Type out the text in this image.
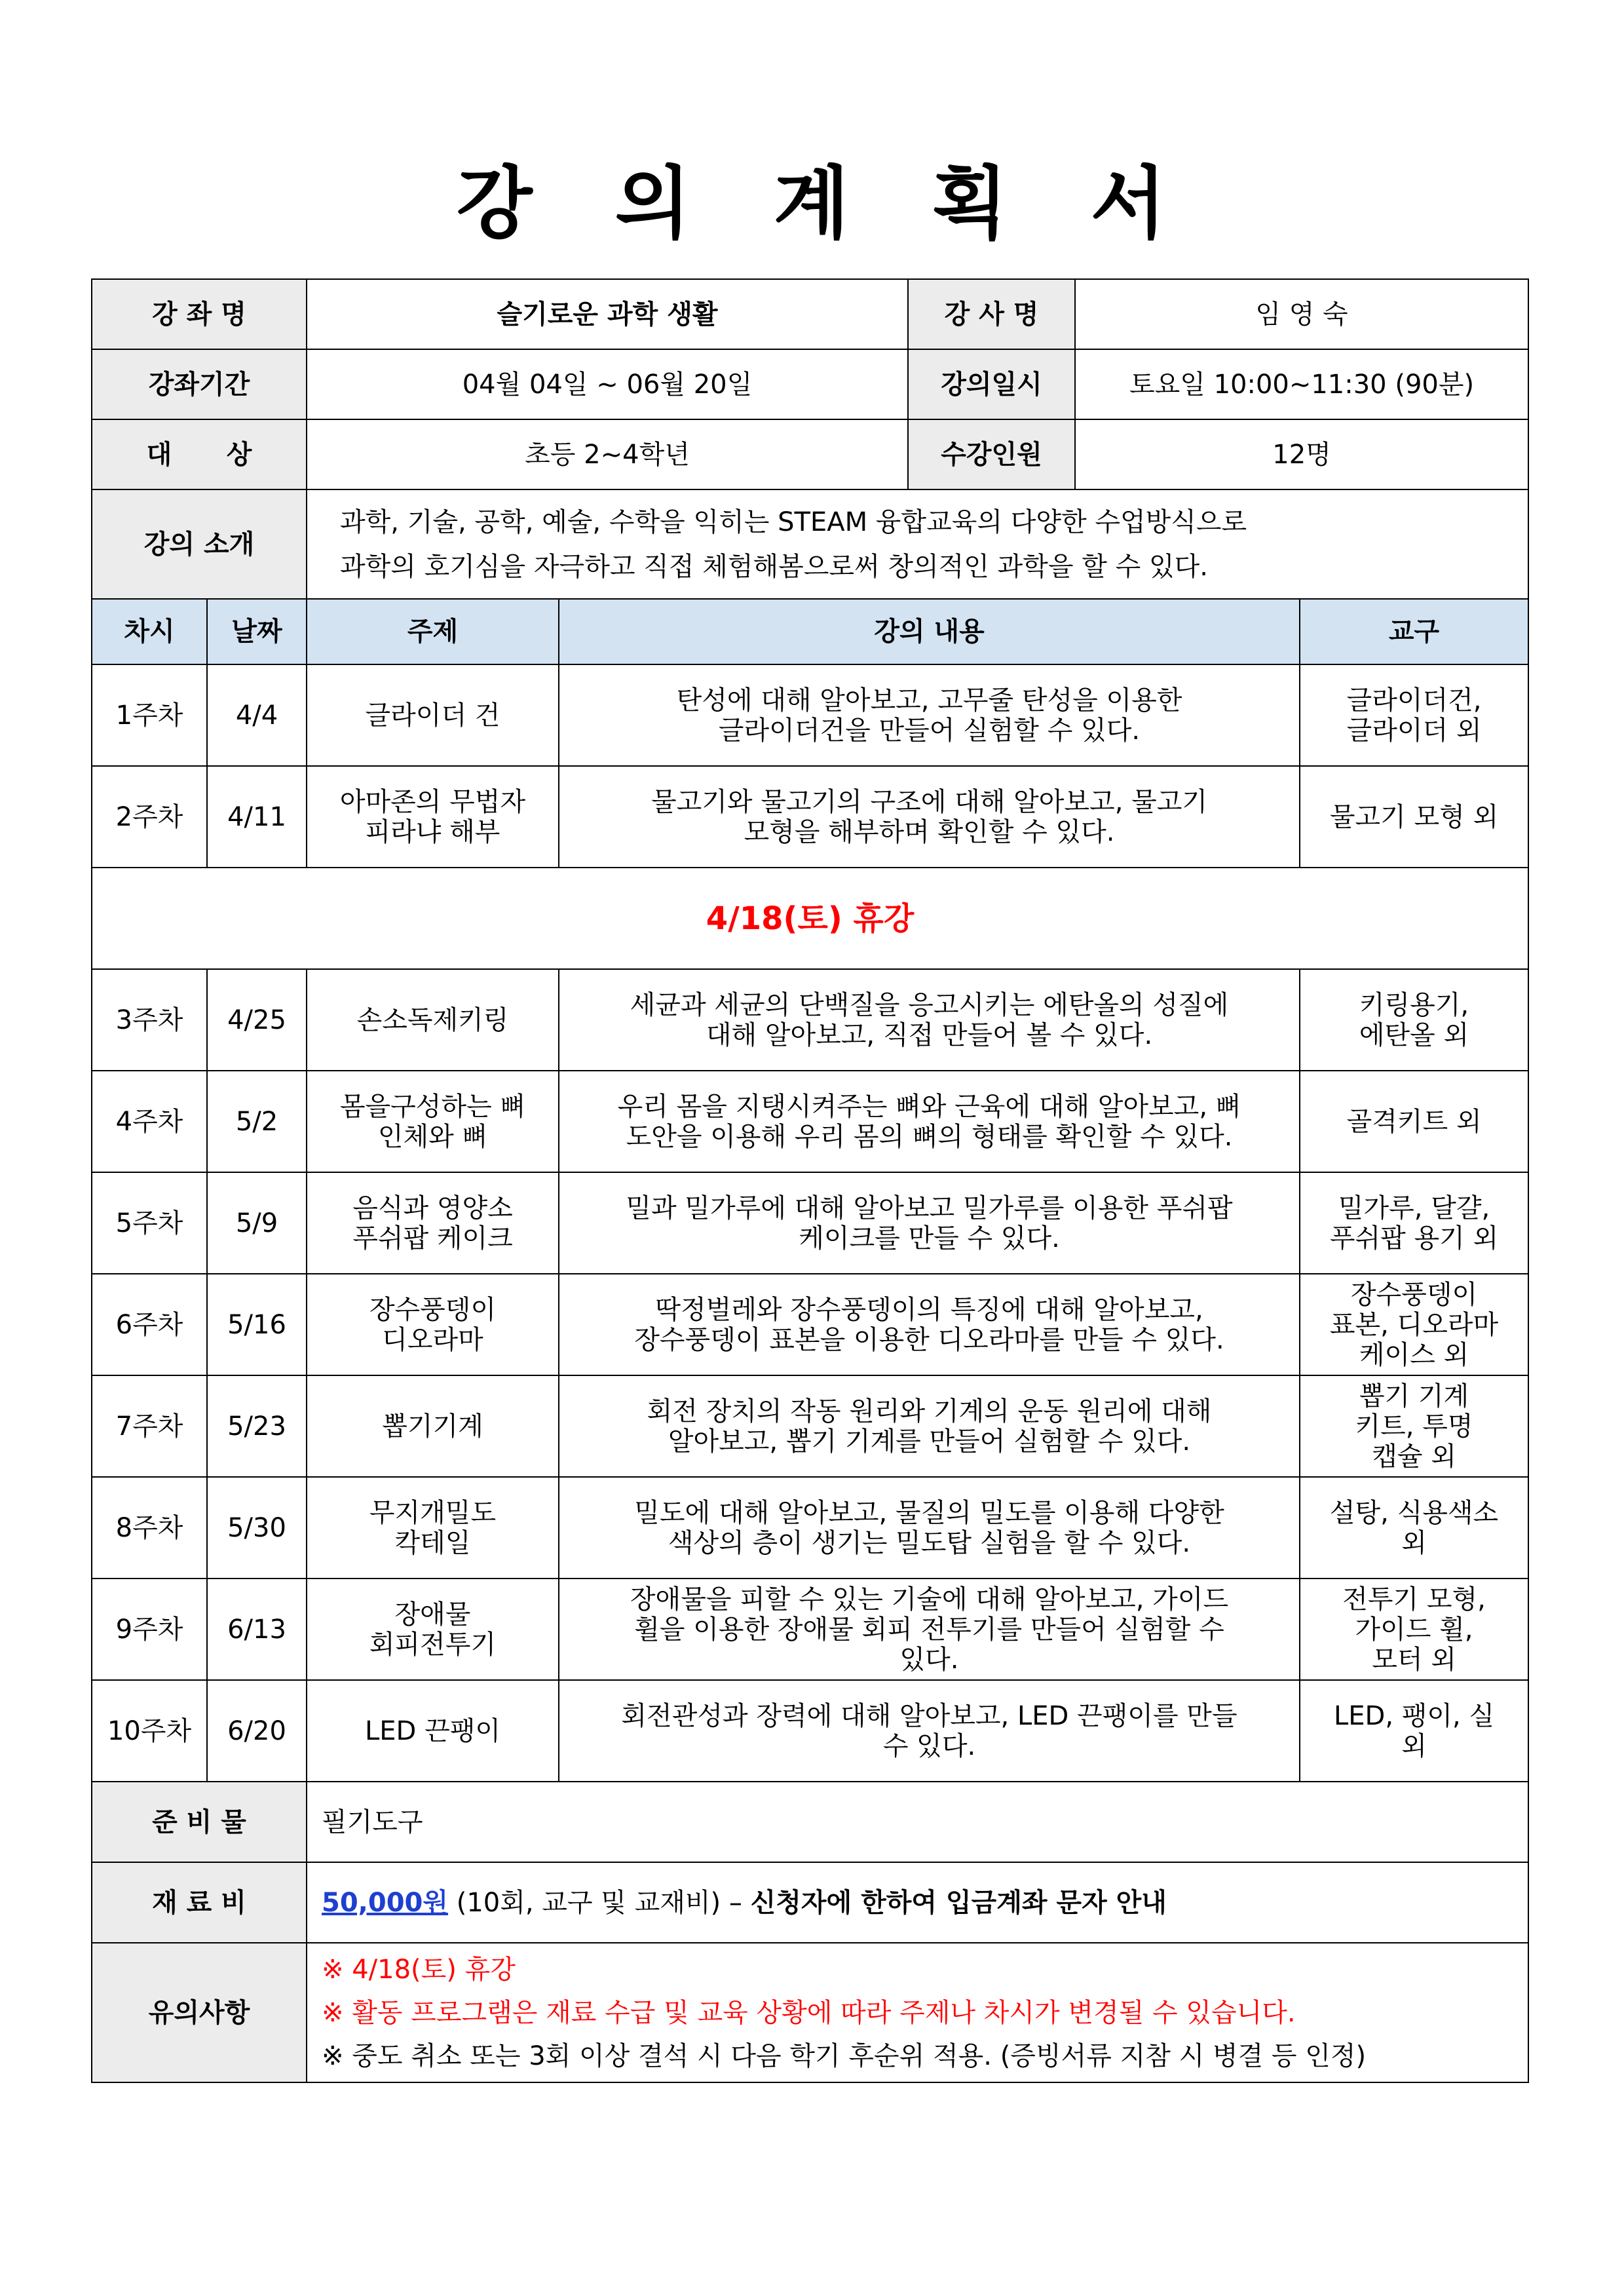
강 의 계 획 서
강 좌 명		슬기로운 과학 생활		강 사 명	임 영 숙	
강좌기간		04월 04일 ~ 06월 20일		강의일시	토요일 10:00~11:30 (90분)	
대      상		초등 2~4학년		수강인원	12명	
강의 소개		과학, 기술, 공학, 예술, 수학을 익히는 STEAM 융합교육의 다양한 수업방식으로
과학의 호기심을 자극하고 직접 체험해봄으로써 창의적인 과학을 할 수 있다.				

차시	날짜	주제	강의 내용			교구
1주차	4/4	글라이더 건	탄성에 대해 알아보고, 고무줄 탄성을 이용한
글라이더건을 만들어 실험할 수 있다.			글라이더건,
글라이더 외

2주차	4/11	아마존의 무법자
피라냐 해부	물고기와 물고기의 구조에 대해 알아보고, 물고기
모형을 해부하며 확인할 수 있다.			물고기 모형 외

4/18(토) 휴강						
3주차	4/25	손소독제키링	세균과 세균의 단백질을 응고시키는 에탄올의 성질에
대해 알아보고, 직접 만들어 볼 수 있다.			키링용기,
에탄올 외

4주차	5/2	몸을구성하는 뼈
인체와 뼈	우리 몸을 지탱시켜주는 뼈와 근육에 대해 알아보고, 뼈
도안을 이용해 우리 몸의 뼈의 형태를 확인할 수 있다.			골격키트 외

5주차	5/9	음식과 영양소
푸쉬팝 케이크	밀과 밀가루에 대해 알아보고 밀가루를 이용한 푸쉬팝
케이크를 만들 수 있다.			밀가루, 달걀,
푸쉬팝 용기 외

6주차	5/16	장수풍뎅이
디오라마	딱정벌레와 장수풍뎅이의 특징에 대해 알아보고,
장수풍뎅이 표본을 이용한 디오라마를 만들 수 있다.			장수풍뎅이
표본, 디오라마
케이스 외

7주차	5/23	뽑기기계	회전 장치의 작동 원리와 기계의 운동 원리에 대해
알아보고, 뽑기 기계를 만들어 실험할 수 있다.			뽑기 기계
키트, 투명
캡슐 외

8주차	5/30	무지개밀도
칵테일	밀도에 대해 알아보고, 물질의 밀도를 이용해 다양한
색상의 층이 생기는 밀도탑 실험을 할 수 있다.			설탕, 식용색소
외

9주차	6/13	장애물
회피전투기	장애물을 피할 수 있는 기술에 대해 알아보고, 가이드
휠을 이용한 장애물 회피 전투기를 만들어 실험할 수
있다.			전투기 모형,
가이드 휠,
모터 외

10주차	6/20	LED 끈팽이	회전관성과 장력에 대해 알아보고, LED 끈팽이를 만들
수 있다.			LED, 팽이, 실
외

준 비 물		필기도구				
재 료 비		50,000원 (10회, 교구 및 교재비) – 신청자에 한하여 입금계좌 문자 안내				
유의사항		※ 4/18(토) 휴강
※ 활동 프로그램은 재료 수급 및 교육 상황에 따라 주제나 차시가 변경될 수 있습니다.
※ 중도 취소 또는 3회 이상 결석 시 다음 학기 후순위 적용. (증빙서류 지참 시 병결 등 인정)				
